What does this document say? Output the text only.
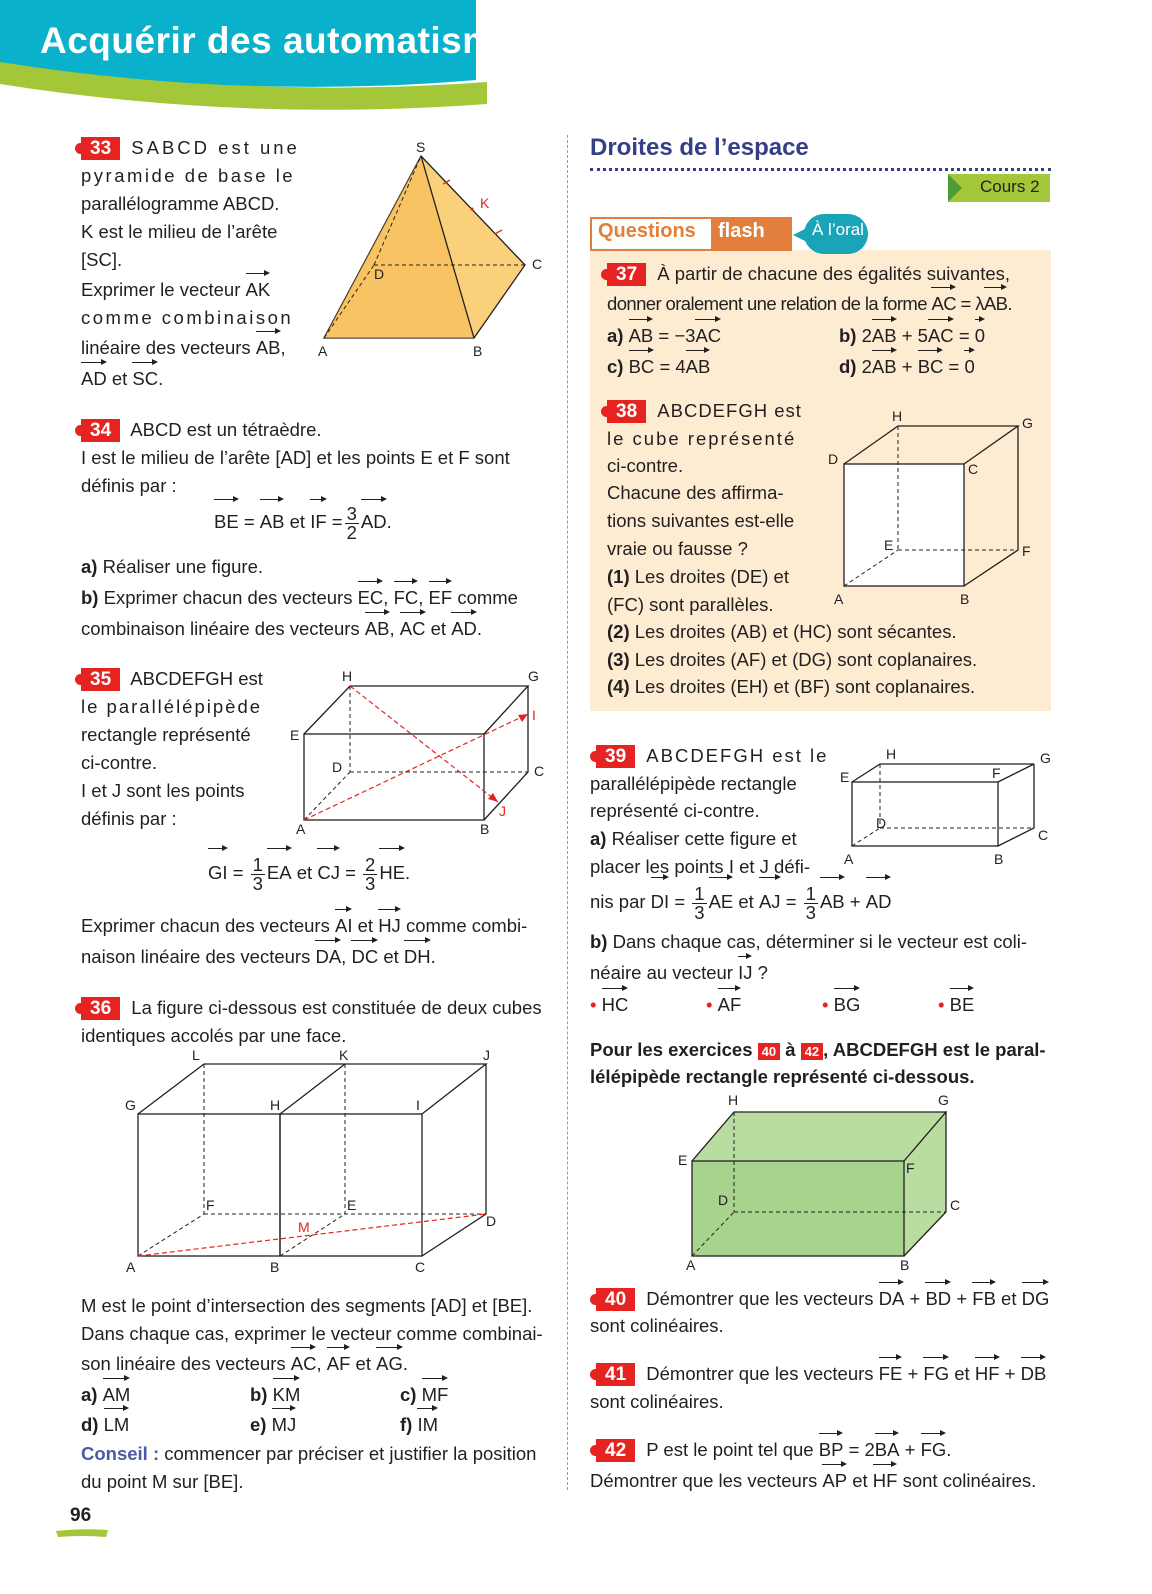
Acquérir des automatismes
33 SABCD est une
pyramide de base le
parallélogramme ABCD.
K est le milieu de l’arête
[SC].
Exprimer le vecteur AK
comme combinaison
linéaire des vecteurs AB,
AD et SC.
S
K
C
D
A	B
34 ABCD est un tétraèdre.
I est le milieu de l’arête [AD] et les points E et F sont
définis par :
BE = AB et IF = $\frac{3}{2}$ AD.
a) Réaliser une figure.
b) Exprimer chacun des vecteurs EC, FC, EF comme
combinaison linéaire des vecteurs AB, AC et AD.
35 ABCDEFGH est
le parallélépipède
rectangle représenté
ci-contre.
I et J sont les points
définis par :
H	G
I
E
D	C
J
A	B
GI = $\frac{1}{3}$ EA et CJ = $\frac{2}{3}$ HE.
Exprimer chacun des vecteurs AI et HJ comme combi-
naison linéaire des vecteurs DA, DC et DH.
36 La figure ci-dessous est constituée de deux cubes
identiques accolés par une face.
L	K	J
G	H	I
F	E
M	D
A	B	C
M est le point d’intersection des segments [AD] et [BE].
Dans chaque cas, exprimer le vecteur comme combinai-
son linéaire des vecteurs AC, AF et AG.
a) AM	b) KM	c) MF
d) LM	e) MJ	f) IM
Conseil : commencer par préciser et justifier la position
du point M sur [BE].
96
Droites de l’espace
Cours 2
Questions flash	À l’oral
37 À partir de chacune des égalités suivantes,
donner oralement une relation de la forme AC = λAB.
a) AB = −3AC	b) 2AB + 5AC = 0
c) BC = 4AB	d) 2AB + BC = 0
38 ABCDEFGH est
le cube représenté
ci-contre.
Chacune des affirma-
tions suivantes est-elle
vraie ou fausse ?
(1) Les droites (DE) et
(FC) sont parallèles.
(2) Les droites (AB) et (HC) sont sécantes.
(3) Les droites (AF) et (DG) sont coplanaires.
(4) Les droites (EH) et (BF) sont coplanaires.
H	G
D
C
E	F
A	B
39 ABCDEFGH est le
parallélépipède rectangle
représenté ci-contre.
a) Réaliser cette figure et
placer les points I et J défi-
nis par DI = $\frac{1}{3}$ AE et AJ = $\frac{1}{3}$ AB + AD
b) Dans chaque cas, déterminer si le vecteur est coli-
néaire au vecteur IJ ?
• HC	• AF	• BG	• BE
H	G
E	F
D
C
A	B
Pour les exercices 40 à 42 , ABCDEFGH est le paral-
lélépipède rectangle représenté ci-dessous.
H	G
E	F
D	C
A	B
40 Démontrer que les vecteurs DA + BD + FB et DG
sont colinéaires.
41 Démontrer que les vecteurs FE + FG et HF + DB
sont colinéaires.
42 P est le point tel que BP = 2BA + FG.
Démontrer que les vecteurs AP et HF sont colinéaires.
